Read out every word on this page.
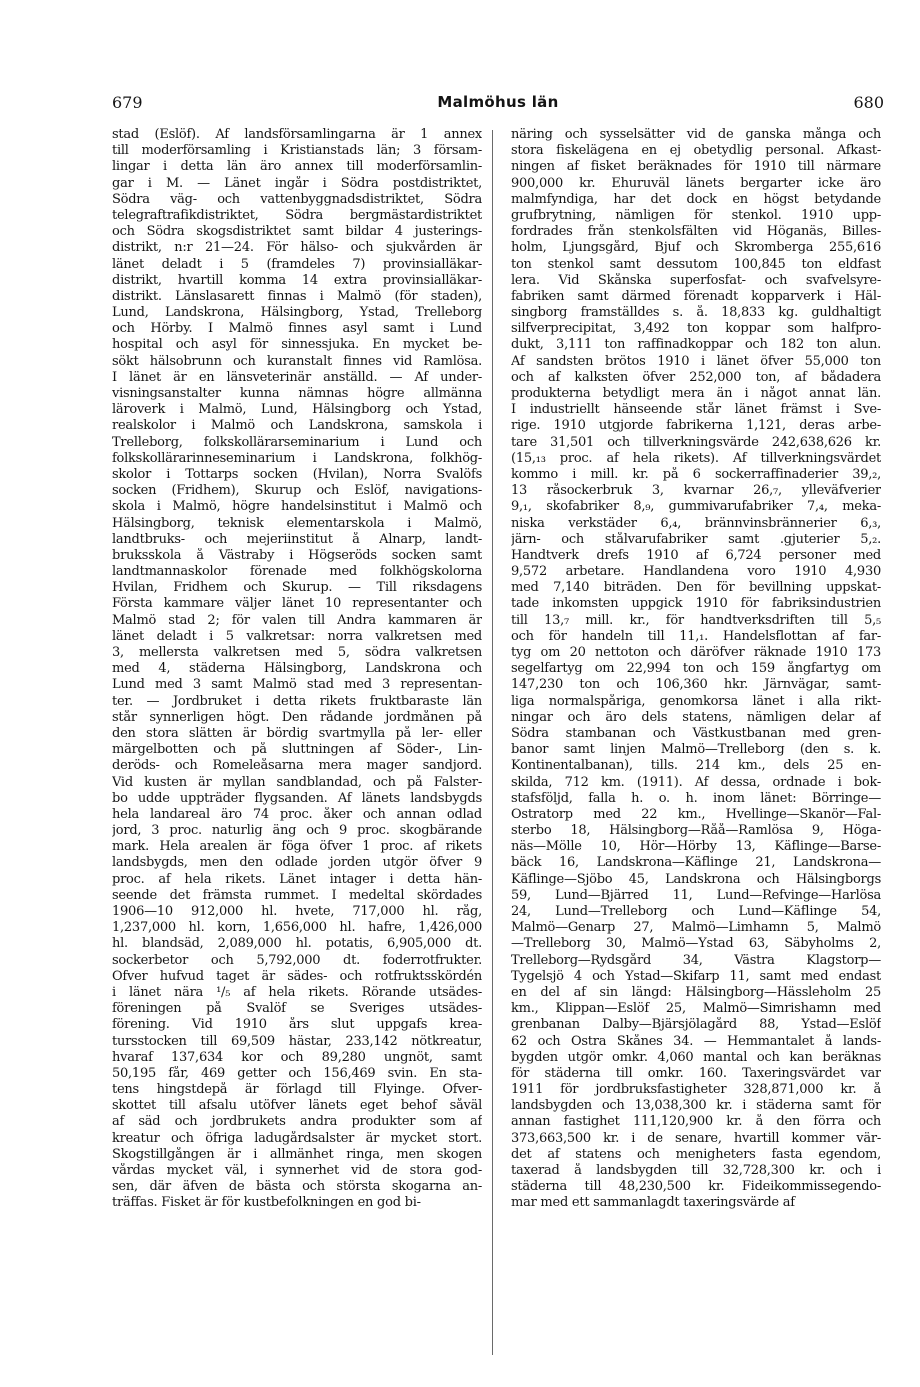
679	Malmöhus län	680
stad (Eslöf). Af landsförsamlingarna är 1 annex
till moderförsamling i Kristianstads län; 3 försam-
lingar i detta län äro annex till moderförsamlin-
gar i M. — Länet ingår i Södra postdistriktet,
Södra väg- och vattenbyggnadsdistriktet, Södra
telegraftrafikdistriktet, Södra bergmästardistriktet
och Södra skogsdistriktet samt bildar 4 justerings-
distrikt, n:r 21—24. För hälso- och sjukvården är
länet deladt i 5 (framdeles 7) provinsialläkar-
distrikt, hvartill komma 14 extra provinsialläkar-
distrikt. Länslasarett finnas i Malmö (för staden),
Lund, Landskrona, Hälsingborg, Ystad, Trelleborg
och Hörby. I Malmö finnes asyl samt i Lund
hospital och asyl för sinnessjuka. En mycket be-
sökt hälsobrunn och kuranstalt finnes vid Ramlösa.
I länet är en länsveterinär anställd. — Af under-
visningsanstalter kunna nämnas högre allmänna
läroverk i Malmö, Lund, Hälsingborg och Ystad,
realskolor i Malmö och Landskrona, samskola i
Trelleborg, folkskollärarseminarium i Lund och
folkskollärarinneseminarium i Landskrona, folkhög-
skolor i Tottarps socken (Hvilan), Norra Svalöfs
socken (Fridhem), Skurup och Eslöf, navigations-
skola i Malmö, högre handelsinstitut i Malmö och
Hälsingborg, teknisk elementarskola i Malmö,
landtbruks- och mejeriinstitut å Alnarp, landt-
bruksskola å Västraby i Högseröds socken samt
landtmannaskolor förenade med folkhögskolorna
Hvilan, Fridhem och Skurup. — Till riksdagens
Första kammare väljer länet 10 representanter och
Malmö stad 2; för valen till Andra kammaren är
länet deladt i 5 valkretsar: norra valkretsen med
3, mellersta valkretsen med 5, södra valkretsen
med 4, städerna Hälsingborg, Landskrona och
Lund med 3 samt Malmö stad med 3 representan-
ter. — Jordbruket i detta rikets fruktbaraste län
står synnerligen högt. Den rådande jordmånen på
den stora slätten är bördig svartmylla på ler- eller
märgelbotten och på sluttningen af Söder-, Lin-
deröds- och Romeleåsarna mera mager sandjord.
Vid kusten är myllan sandblandad, och på Falster-
bo udde uppträder flygsanden. Af länets landsbygds
hela landareal äro 74 proc. åker och annan odlad
jord, 3 proc. naturlig äng och 9 proc. skogbärande
mark. Hela arealen är föga öfver 1 proc. af rikets
landsbygds, men den odlade jorden utgör öfver 9
proc. af hela rikets. Länet intager i detta hän-
seende det främsta rummet. I medeltal skördades
1906—10 912,000 hl. hvete, 717,000 hl. råg,
1,237,000 hl. korn, 1,656,000 hl. hafre, 1,426,000
hl. blandsäd, 2,089,000 hl. potatis, 6,905,000 dt.
sockerbetor och 5,792,000 dt. foderrotfrukter.
Öfver hufvud taget är sädes- och rotfruktsskördén
i länet nära ¹/₅ af hela rikets. Rörande utsädes-
föreningen på Svalöf se Sveriges utsädes-
förening. Vid 1910 års slut uppgafs krea-
tursstocken till 69,509 hästar, 233,142 nötkreatur,
hvaraf 137,634 kor och 89,280 ungnöt, samt
50,195 får, 469 getter och 156,469 svin. En sta-
tens hingstdepå är förlagd till Flyinge. Öfver-
skottet till afsalu utöfver länets eget behof såväl
af säd och jordbrukets andra produkter som af
kreatur och öfriga ladugårdsalster är mycket stort.
Skogstillgången är i allmänhet ringa, men skogen
vårdas mycket väl, i synnerhet vid de stora god-
sen, där äfven de bästa och största skogarna an-
träffas. Fisket är för kustbefolkningen en god bi-
näring och sysselsätter vid de ganska många och
stora fiskelägena en ej obetydlig personal. Afkast-
ningen af fisket beräknades för 1910 till närmare
900,000 kr. Ehuruväl länets bergarter icke äro
malmfyndiga, har det dock en högst betydande
grufbrytning, nämligen för stenkol. 1910 upp-
fordrades från stenkolsfälten vid Höganäs, Billes-
holm, Ljungsgård, Bjuf och Skromberga 255,616
ton stenkol samt dessutom 100,845 ton eldfast
lera. Vid Skånska superfosfat- och svafvelsyre-
fabriken samt därmed förenadt kopparverk i Häl-
singborg framställdes s. å. 18,833 kg. guldhaltigt
silfverprecipitat, 3,492 ton koppar som halfpro-
dukt, 3,111 ton raffinadkoppar och 182 ton alun.
Af sandsten brötos 1910 i länet öfver 55,000 ton
och af kalksten öfver 252,000 ton, af bådadera
produkterna betydligt mera än i något annat län.
I industriellt hänseende står länet främst i Sve-
rige. 1910 utgjorde fabrikerna 1,121, deras arbe-
tare 31,501 och tillverkningsvärde 242,638,626 kr.
(15,₁₃ proc. af hela rikets). Af tillverkningsvärdet
kommo i mill. kr. på 6 sockerraffinaderier 39,₂,
13 råsockerbruk 3, kvarnar 26,₇, ylleväfverier
9,₁, skofabriker 8,₉, gummivarufabriker 7,₄, meka-
niska verkstäder 6,₄, brännvinsbrännerier 6,₃,
järn- och stålvarufabriker samt .gjuterier 5,₂.
Handtverk drefs 1910 af 6,724 personer med
9,572 arbetare. Handlandena voro 1910 4,930
med 7,140 biträden. Den för bevillning uppskat-
tade inkomsten uppgick 1910 för fabriksindustrien
till 13,₇ mill. kr., för handtverksdriften till 5,₅
och för handeln till 11,₁. Handelsflottan af far-
tyg om 20 nettoton och däröfver räknade 1910 173
segelfartyg om 22,994 ton och 159 ångfartyg om
147,230 ton och 106,360 hkr. Järnvägar, samt-
liga normalspåriga, genomkorsa länet i alla rikt-
ningar och äro dels statens, nämligen delar af
Södra stambanan och Västkustbanan med gren-
banor samt linjen Malmö—Trelleborg (den s. k.
Kontinentalbanan), tills. 214 km., dels 25 en-
skilda, 712 km. (1911). Af dessa, ordnade i bok-
stafsföljd, falla h. o. h. inom länet: Börringe—
Östratorp med 22 km., Hvellinge—Skanör—Fal-
sterbo 18, Hälsingborg—Råå—Ramlösa 9, Höga-
näs—Mölle 10, Hör—Hörby 13, Käflinge—Barse-
bäck 16, Landskrona—Käflinge 21, Landskrona—
Käflinge—Sjöbo 45, Landskrona och Hälsingborgs
59, Lund—Bjärred 11, Lund—Refvinge—Harlösa
24, Lund—Trelleborg och Lund—Käflinge 54,
Malmö—Genarp 27, Malmö—Limhamn 5, Malmö
—Trelleborg 30, Malmö—Ystad 63, Säbyholms 2,
Trelleborg—Rydsgård 34, Västra Klagstorp—
Tygelsjö 4 och Ystad—Skifarp 11, samt med endast
en del af sin längd: Hälsingborg—Hässleholm 25
km., Klippan—Eslöf 25, Malmö—Simrishamn med
grenbanan Dalby—Bjärsjölagård 88, Ystad—Eslöf
62 och Östra Skånes 34. — Hemmantalet å lands-
bygden utgör omkr. 4,060 mantal och kan beräknas
för städerna till omkr. 160. Taxeringsvärdet var
1911 för jordbruksfastigheter 328,871,000 kr. å
landsbygden och 13,038,300 kr. i städerna samt för
annan fastighet 111,120,900 kr. å den förra och
373,663,500 kr. i de senare, hvartill kommer vär-
det af statens och menigheters fasta egendom,
taxerad å landsbygden till 32,728,300 kr. och i
städerna till 48,230,500 kr. Fideikommissegendo-
mar med ett sammanlagdt taxeringsvärde af
